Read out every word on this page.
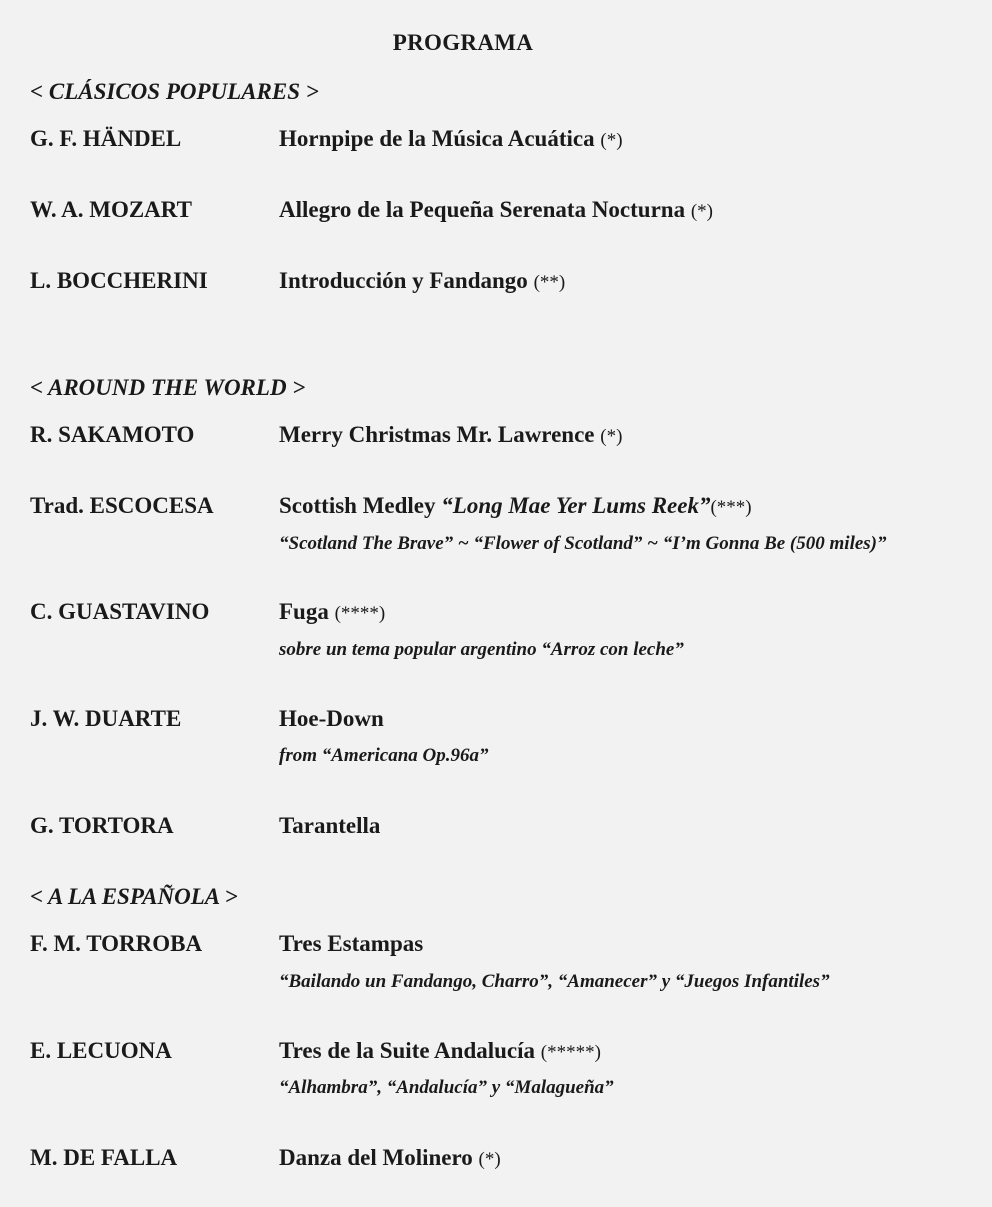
PROGRAMA
< CLÁSICOS POPULARES >
G. F. HÄNDEL	Hornpipe de la Música Acuática (*)
W. A. MOZART	Allegro de la Pequeña Serenata Nocturna (*)
L. BOCCHERINI	Introducción y Fandango (**)
< AROUND THE WORLD >
R. SAKAMOTO	Merry Christmas Mr. Lawrence (*)
Trad. ESCOCESA	Scottish Medley “Long Mae Yer Lums Reek”(***)
“Scotland The Brave” ~ “Flower of Scotland” ~ “I’m Gonna Be (500 miles)”
C. GUASTAVINO	Fuga (****)
sobre un tema popular argentino “Arroz con leche”
J. W. DUARTE	Hoe-Down
from “Americana Op.96a”
G. TORTORA	Tarantella
< A LA ESPAÑOLA >
F. M. TORROBA	Tres Estampas
“Bailando un Fandango, Charro”, “Amanecer” y “Juegos Infantiles”
E. LECUONA	Tres de la Suite Andalucía (*****)
“Alhambra”, “Andalucía” y “Malagueña”
M. DE FALLA	Danza del Molinero (*)
